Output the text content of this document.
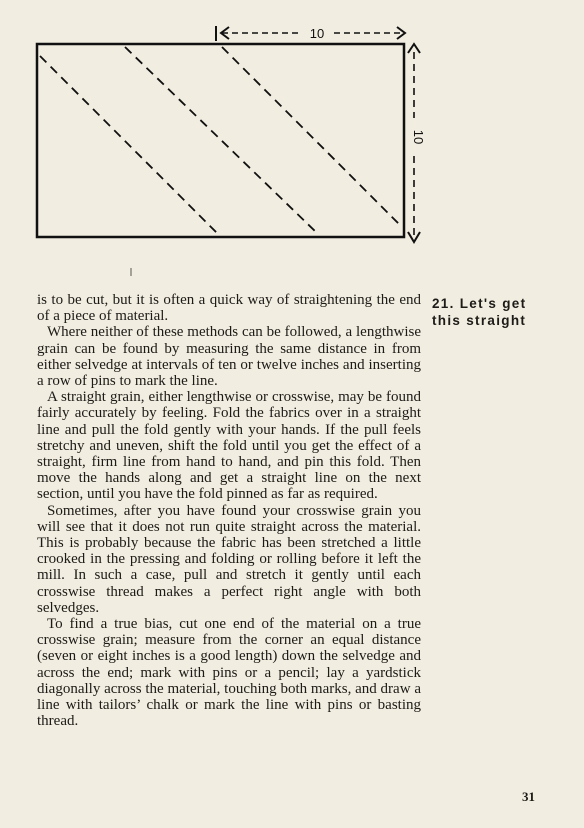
10
10
21. Let's get
this straight

is to be cut, but it is often a quick way of straightening the end of a piece of material.

Where neither of these methods can be followed, a lengthwise grain can be found by measuring the same distance in from either selvedge at intervals of ten or twelve inches and inserting a row of pins to mark the line.

A straight grain, either lengthwise or crosswise, may be found fairly accurately by feeling. Fold the fabrics over in a straight line and pull the fold gently with your hands. If the pull feels stretchy and uneven, shift the fold until you get the effect of a straight, firm line from hand to hand, and pin this fold. Then move the hands along and get a straight line on the next section, until you have the fold pinned as far as required.

Sometimes, after you have found your crosswise grain you will see that it does not run quite straight across the material. This is probably because the fabric has been stretched a little crooked in the pressing and folding or rolling before it left the mill. In such a case, pull and stretch it gently until each crosswise thread makes a perfect right angle with both selvedges.

To find a true bias, cut one end of the material on a true crosswise grain; measure from the corner an equal distance (seven or eight inches is a good length) down the selvedge and across the end; mark with pins or a pencil; lay a yardstick diagonally across the material, touching both marks, and draw a line with tailors’ chalk or mark the line with pins or basting thread.

31
